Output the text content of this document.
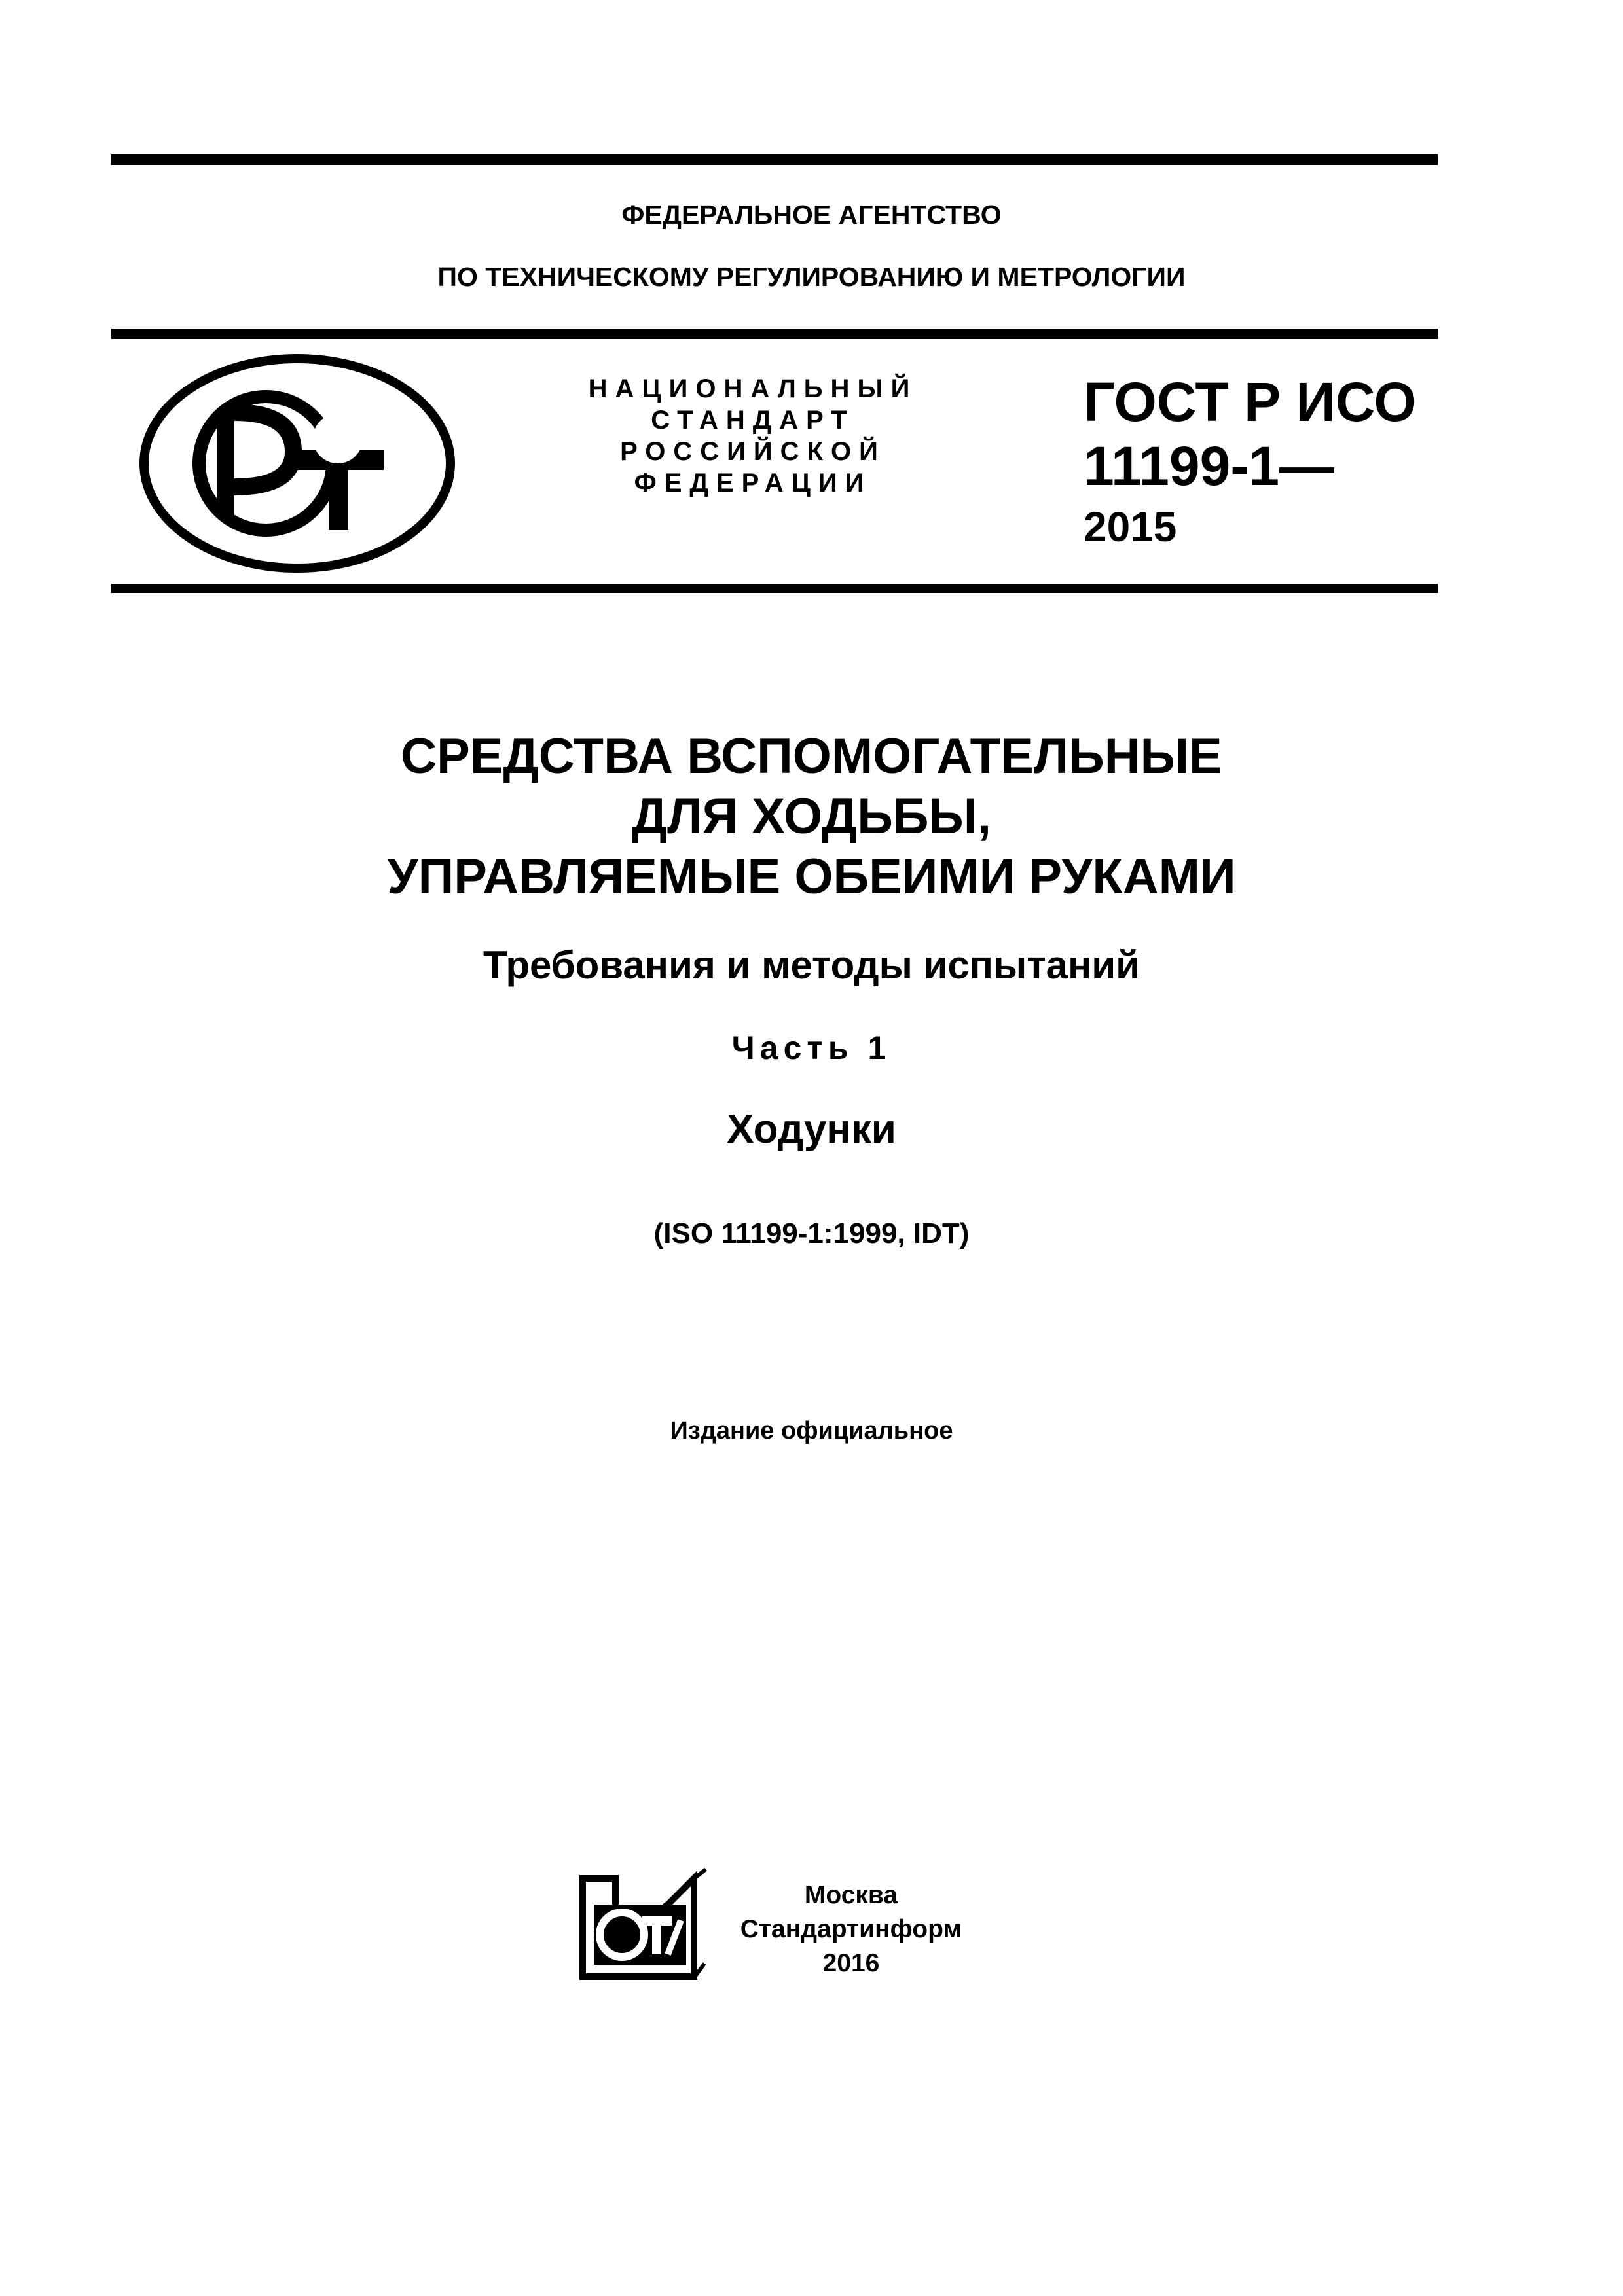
ФЕДЕРАЛЬНОЕ АГЕНТСТВО
ПО ТЕХНИЧЕСКОМУ РЕГУЛИРОВАНИЮ И МЕТРОЛОГИИ
НАЦИОНАЛЬНЫЙ
СТАНДАРТ
РОССИЙСКОЙ
ФЕДЕРАЦИИ
ГОСТ Р ИСО
11199-1—
2015
СРЕДСТВА ВСПОМОГАТЕЛЬНЫЕ
ДЛЯ ХОДЬБЫ,
УПРАВЛЯЕМЫЕ ОБЕИМИ РУКАМИ
Требования и методы испытаний
Часть 1
Ходунки
(ISO 11199-1:1999, IDT)
Издание официальное
Москва
Стандартинформ
2016
